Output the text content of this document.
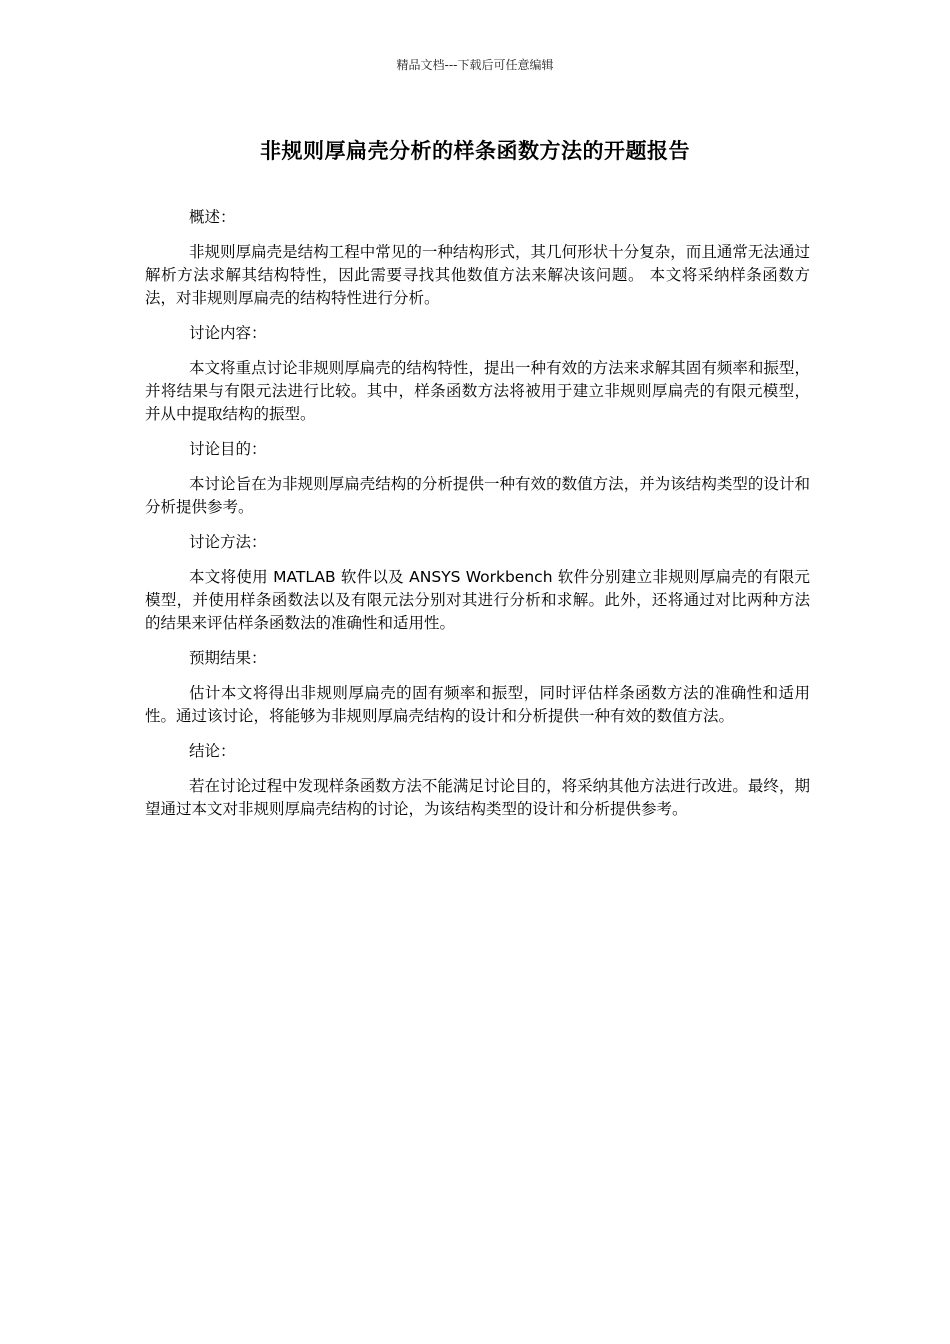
精品文档---下载后可任意编辑
非规则厚扁壳分析的样条函数方法的开题报告

概述：

非规则厚扁壳是结构工程中常见的一种结构形式，其几何形状十分复杂，而且通常无法通过解析方法求解其结构特性，因此需要寻找其他数值方法来解决该问题。 本文将采纳样条函数方法，对非规则厚扁壳的结构特性进行分析。

讨论内容：

本文将重点讨论非规则厚扁壳的结构特性，提出一种有效的方法来求解其固有频率和振型，并将结果与有限元法进行比较。其中，样条函数方法将被用于建立非规则厚扁壳的有限元模型，并从中提取结构的振型。

讨论目的：

本讨论旨在为非规则厚扁壳结构的分析提供一种有效的数值方法，并为该结构类型的设计和分析提供参考。

讨论方法：

本文将使用 MATLAB 软件以及 ANSYS Workbench 软件分别建立非规则厚扁壳的有限元模型，并使用样条函数法以及有限元法分别对其进行分析和求解。此外，还将通过对比两种方法的结果来评估样条函数法的准确性和适用性。

预期结果：

估计本文将得出非规则厚扁壳的固有频率和振型，同时评估样条函数方法的准确性和适用性。通过该讨论，将能够为非规则厚扁壳结构的设计和分析提供一种有效的数值方法。

结论：

若在讨论过程中发现样条函数方法不能满足讨论目的，将采纳其他方法进行改进。最终，期望通过本文对非规则厚扁壳结构的讨论，为该结构类型的设计和分析提供参考。
